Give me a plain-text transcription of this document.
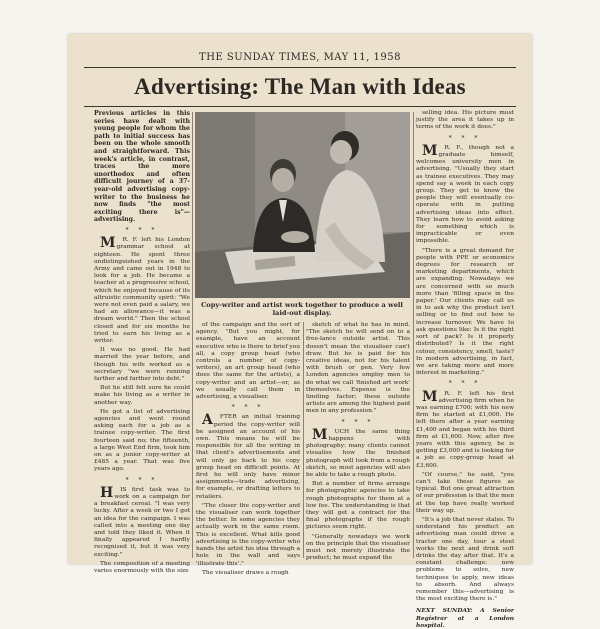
THE SUNDAY TIMES, MAY 11, 1958
Advertising: The Man with Ideas

Previous articles in this series have dealt with young people for whom the path to initial success has been on the whole smooth and straightforward. This week's article, in contrast, traces the more unorthodox and often difficult journey of a 37-year-old advertising copy-writer to the business he now finds "the most exciting there is"—advertising.

* * *

MR. F. left his London grammar school at eighteen. He spent three undistinguished years in the Army and came out in 1948 to look for a job. He became a teacher at a progressive school, which he enjoyed because of its altruistic community spirit: "We were not even paid a salary, we had an allowance—it was a dream world." Then the school closed and for six months he tried to earn his living as a writer.

It was no good. He had married the year before, and though his wife worked as a secretary "we were running farther and farther into debt."

But he still felt sure he could make his living as a writer in another way.

He got a list of advertising agencies and went round asking each for a job as a trainee copy-writer. The first fourteen said no; the fifteenth, a large West End firm, took him on as a junior copy-writer at £485 a year. That was five years ago.

* * *

HIS first task was to work on a campaign for a breakfast cereal. "I was very lucky. After a week or two I got an idea for the campaign. I was called into a meeting one day and told they liked it. When it finally appeared I hardly recognised it, but it was very exciting."

The composition of a meeting varies enormously with the size

Copy-writer and artist work together to produce a well laid-out display.

of the campaign and the sort of agency. "But you might, for example, have an account executive who is there to brief you all, a copy group head (who controls a number of copy-writers), an art group head (who does the same for the artists), a copy-writer and an artist—or, as we usually call them in advertising, a visualiser.

* * *

AFTER an initial training period the copy-writer will be assigned an account of his own. This means he will be responsible for all the writing in that client's advertisements and will only go back to his copy group head on difficult points. At first he will only have minor assignments—trade advertising, for example, or drafting letters to retailers.

"The closer the copy-writer and the visualiser can work together the better. In some agencies they actually work in the same room. This is excellent. What kills good advertising is the copy-writer who hands the artist his idea through a hole in the wall and says 'illustrate this'."

The visualiser draws a rough

sketch of what he has in mind. "The sketch he will send on to a free-lance outside artist. This doesn't mean the visualiser can't draw. But he is paid for his creative ideas, not for his talent with brush or pen. Very few London agencies employ men to do what we call 'finished art work' themselves. Expense is the limiting factor; these outside artists are among the highest paid men in any profession."

* * *

MUCH the same thing happens with photography: many clients cannot visualise how the finished photograph will look from a rough sketch, so most agencies will also be able to take a rough photo.

But a number of firms arrange for photographic agencies to take rough photographs for them at a low fee. The understanding is that they will get a contract for the final photographs if the rough pictures seem right.

"Generally nowadays we work on the principle that the visualiser must not merely illustrate the product; he must expand the

selling idea. His picture must justify the area it takes up in terms of the work it does."

* * *

MR. F., though not a graduate himself, welcomes university men in advertising. "Usually they start as trainee executives. They may spend say a week in each copy group. They get to know the people they will eventually co-operate with in putting advertising ideas into effect. They learn how to avoid asking for something which is impracticable or even impossible.

"There is a great demand for people with PPE or economics degrees for research or marketing departments, which are expanding. Nowadays we are concerned with so much more than 'filling space in the paper.' Our clients may call us in to ask why the product isn't selling or to find out how to increase turnover. We have to ask questions like: Is it the right sort of pack? Is it properly distributed? Is it the right colour, consistency, smell, taste? In modern advertising, in fact, we are taking more and more interest in marketing."

* * *

MR. F. left his first advertising firm when he was earning £700; with his new firm he started at £1,000. He left there after a year earning £1,400 and began with his third firm at £1,600. Now, after five years with this agency, he is getting £3,000 and is looking for a job as copy-group head at £3,600.

"Of course," he said, "you can't take these figures as typical. But one great attraction of our profession is that the men at the top have really worked their way up.

"It's a job that never stales. To understand his product an advertising man could drive a tractor one day, tour a steel works the next and drink soft drinks the day after that. It's a constant challenge: new problems to solve, new techniques to apply, new ideas to absorb. And always remember this—advertising is the most exciting there is."

NEXT SUNDAY: A Senior Registrar at a London hospital.
